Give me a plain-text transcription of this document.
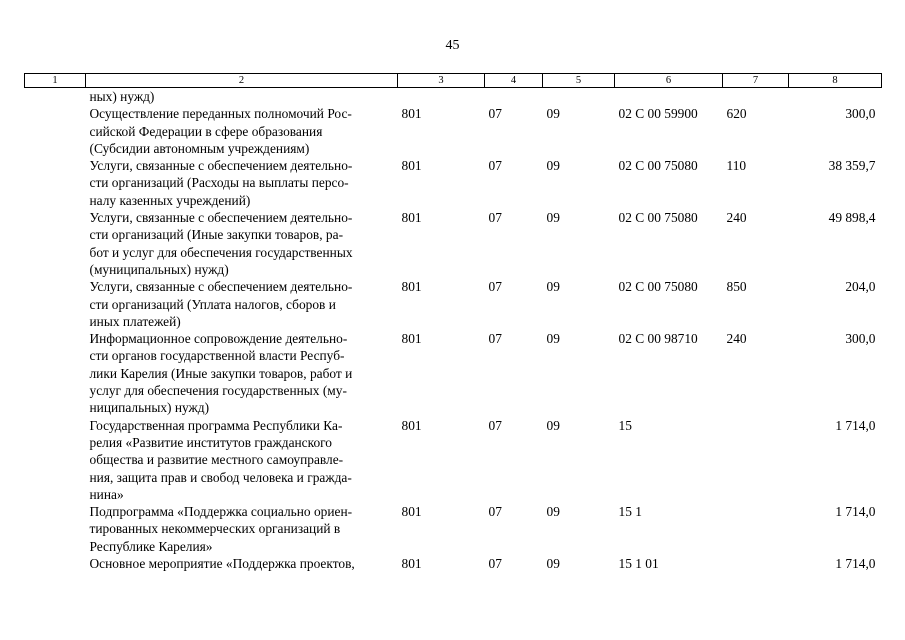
45
1	2	3	4	5	6	7	8
	ных) нужд)						
	Осуществление переданных полномочий Рос-
сийской Федерации в сфере образования
(Субсидии автономным учреждениям)	801	07	09	02 С 00 59900	620	300,0
	Услуги, связанные с обеспечением деятельно-
сти организаций (Расходы на выплаты персо-
налу казенных учреждений)	801	07	09	02 С 00 75080	110	38 359,7
	Услуги, связанные с обеспечением деятельно-
сти организаций (Иные закупки товаров, ра-
бот и услуг для обеспечения государственных
(муниципальных) нужд)	801	07	09	02 С 00 75080	240	49 898,4
	Услуги, связанные с обеспечением деятельно-
сти организаций (Уплата налогов, сборов и
иных платежей)	801	07	09	02 С 00 75080	850	204,0
	Информационное сопровождение деятельно-
сти органов государственной власти Респуб-
лики Карелия (Иные закупки товаров, работ и
услуг для обеспечения государственных (му-
ниципальных) нужд)	801	07	09	02 С 00 98710	240	300,0
	Государственная программа Республики Ка-
релия «Развитие институтов гражданского
общества и развитие местного самоуправле-
ния, защита прав и свобод человека и гражда-
нина»	801	07	09	15		1 714,0
	Подпрограмма «Поддержка социально ориен-
тированных некоммерческих организаций в
Республике Карелия»	801	07	09	15 1		1 714,0
	Основное мероприятие «Поддержка проектов,	801	07	09	15 1 01		1 714,0
